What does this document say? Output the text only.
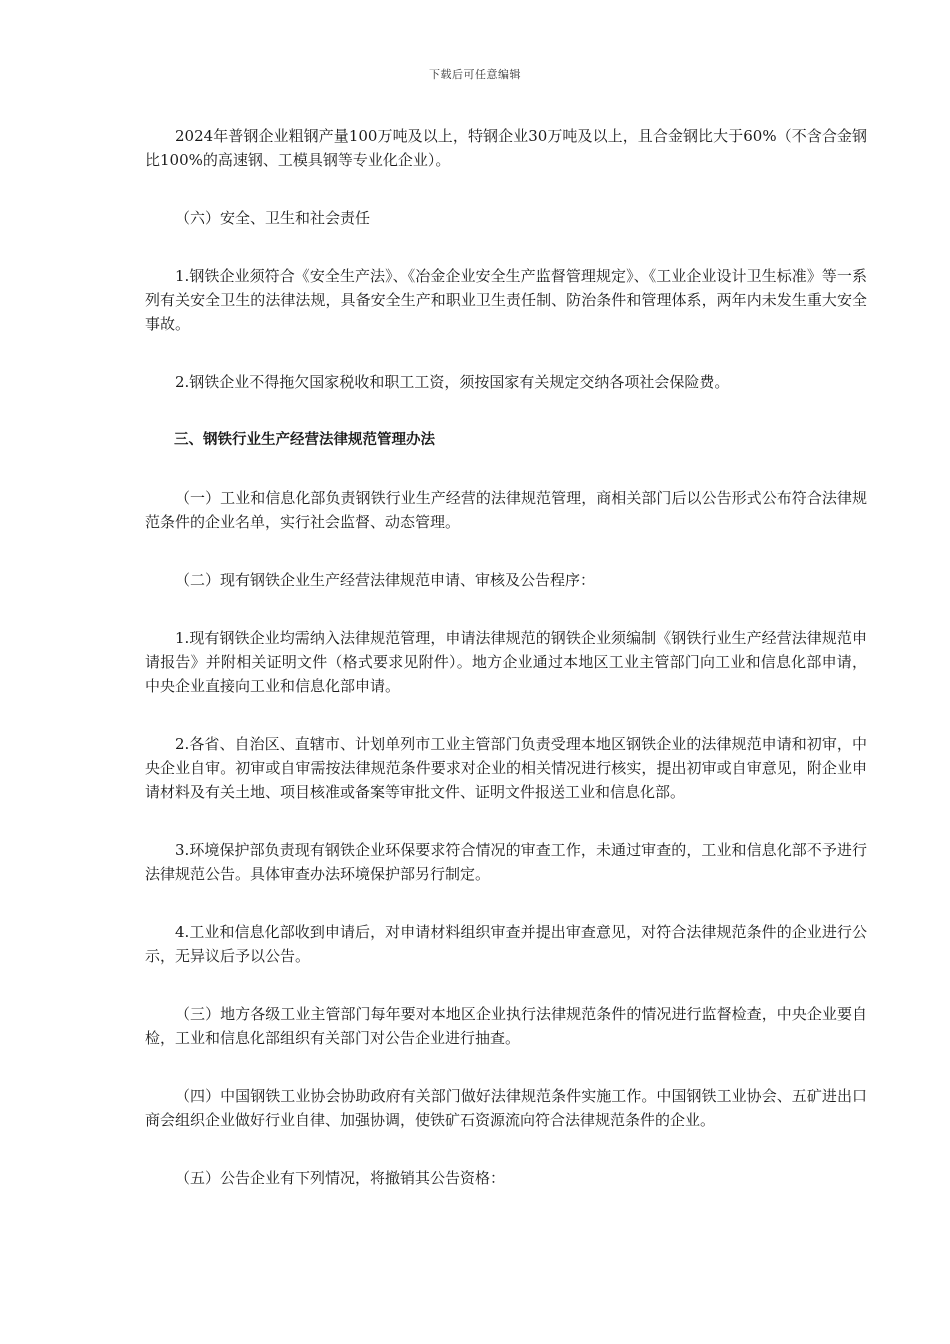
下载后可任意编辑

2024年普钢企业粗钢产量100万吨及以上，特钢企业30万吨及以上，且合金钢比大于60%（不含合金钢比100%的高速钢、工模具钢等专业化企业）。

（六）安全、卫生和社会责任

1.钢铁企业须符合《安全生产法》、《冶金企业安全生产监督管理规定》、《工业企业设计卫生标准》等一系列有关安全卫生的法律法规，具备安全生产和职业卫生责任制、防治条件和管理体系，两年内未发生重大安全事故。

2.钢铁企业不得拖欠国家税收和职工工资，须按国家有关规定交纳各项社会保险费。

三、钢铁行业生产经营法律规范管理办法

（一）工业和信息化部负责钢铁行业生产经营的法律规范管理，商相关部门后以公告形式公布符合法律规范条件的企业名单，实行社会监督、动态管理。

（二）现有钢铁企业生产经营法律规范申请、审核及公告程序：

1.现有钢铁企业均需纳入法律规范管理，申请法律规范的钢铁企业须编制《钢铁行业生产经营法律规范申请报告》并附相关证明文件（格式要求见附件）。地方企业通过本地区工业主管部门向工业和信息化部申请，中央企业直接向工业和信息化部申请。

2.各省、自治区、直辖市、计划单列市工业主管部门负责受理本地区钢铁企业的法律规范申请和初审，中央企业自审。初审或自审需按法律规范条件要求对企业的相关情况进行核实，提出初审或自审意见，附企业申请材料及有关土地、项目核准或备案等审批文件、证明文件报送工业和信息化部。

3.环境保护部负责现有钢铁企业环保要求符合情况的审查工作，未通过审查的，工业和信息化部不予进行法律规范公告。具体审查办法环境保护部另行制定。

4.工业和信息化部收到申请后，对申请材料组织审查并提出审查意见，对符合法律规范条件的企业进行公示，无异议后予以公告。

（三）地方各级工业主管部门每年要对本地区企业执行法律规范条件的情况进行监督检查，中央企业要自检，工业和信息化部组织有关部门对公告企业进行抽查。

（四）中国钢铁工业协会协助政府有关部门做好法律规范条件实施工作。中国钢铁工业协会、五矿进出口商会组织企业做好行业自律、加强协调，使铁矿石资源流向符合法律规范条件的企业。

（五）公告企业有下列情况，将撤销其公告资格：
